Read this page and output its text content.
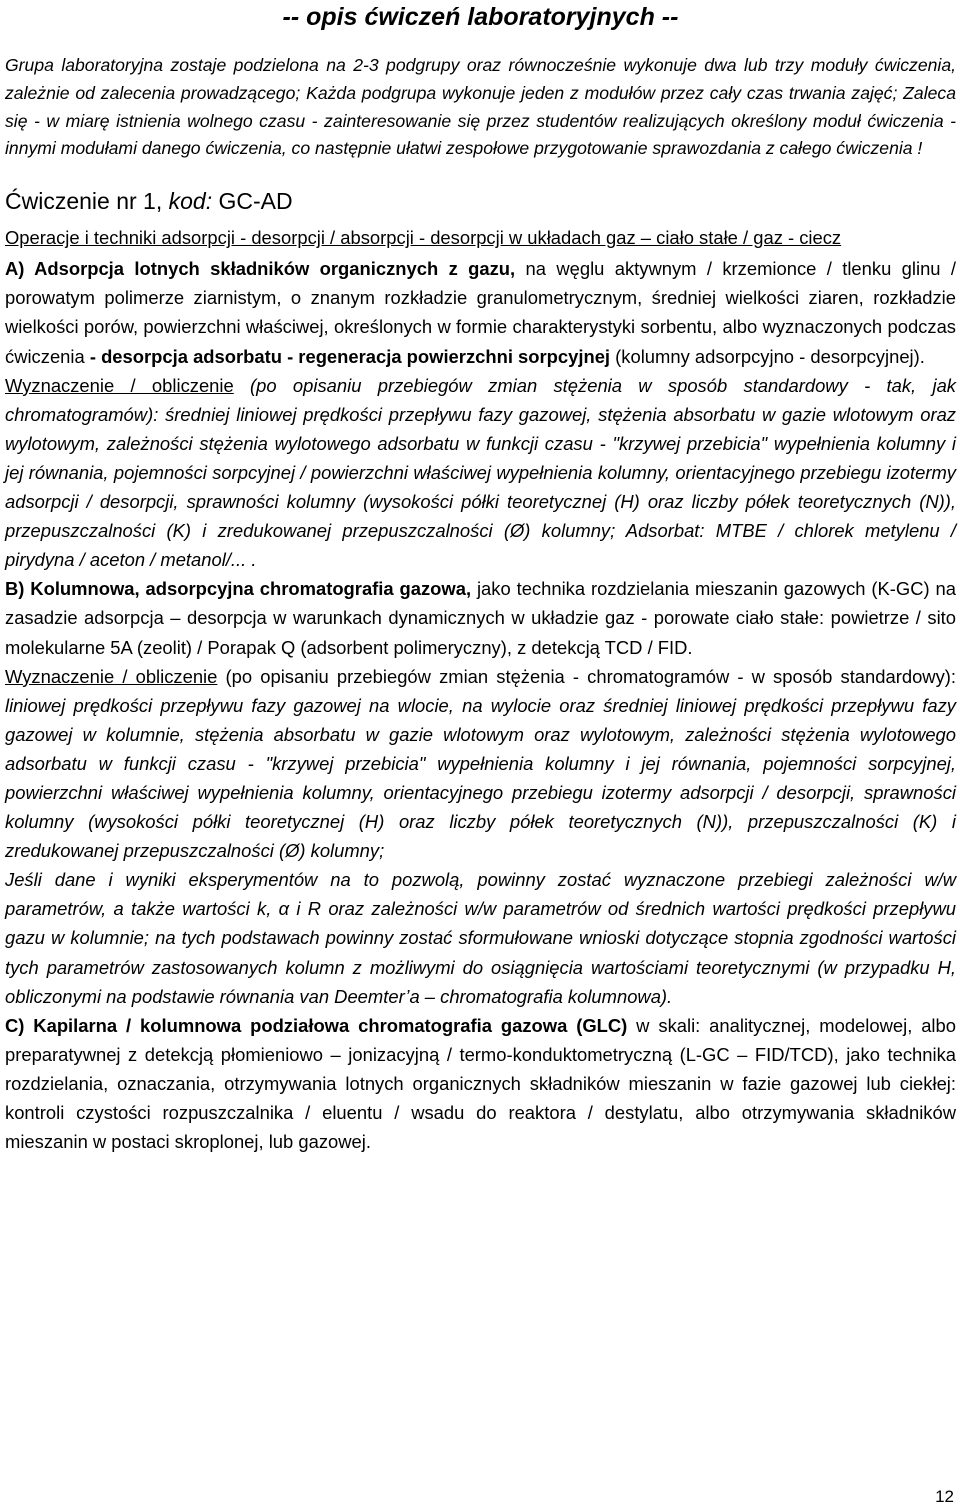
-- opis ćwiczeń laboratoryjnych --

Grupa laboratoryjna zostaje podzielona na 2-3 podgrupy oraz równocześnie wykonuje dwa lub trzy moduły ćwiczenia, zależnie od zalecenia prowadzącego; Każda podgrupa wykonuje jeden z modułów przez cały czas trwania zajęć; Zaleca się - w miarę istnienia wolnego czasu - zainteresowanie się przez studentów realizujących określony moduł ćwiczenia - innymi modułami danego ćwiczenia, co następnie ułatwi zespołowe przygotowanie sprawozdania z całego ćwiczenia !

Ćwiczenie nr 1, kod: GC-AD

Operacje i techniki adsorpcji - desorpcji / absorpcji - desorpcji w układach gaz – ciało stałe / gaz - ciecz

A) Adsorpcja lotnych składników organicznych z gazu, na węglu aktywnym / krzemionce / tlenku glinu / porowatym polimerze ziarnistym, o znanym rozkładzie granulometrycznym, średniej wielkości ziaren, rozkładzie wielkości porów, powierzchni właściwej, określonych w formie charakterystyki sorbentu, albo wyznaczonych podczas ćwiczenia - desorpcja adsorbatu - regeneracja powierzchni sorpcyjnej (kolumny adsorpcyjno - desorpcyjnej).

Wyznaczenie / obliczenie (po opisaniu przebiegów zmian stężenia w sposób standardowy - tak, jak chromatogramów): średniej liniowej prędkości przepływu fazy gazowej, stężenia absorbatu w gazie wlotowym oraz wylotowym, zależności stężenia wylotowego adsorbatu w funkcji czasu - "krzywej przebicia" wypełnienia kolumny i jej równania, pojemności sorpcyjnej / powierzchni właściwej wypełnienia kolumny, orientacyjnego przebiegu izotermy adsorpcji / desorpcji, sprawności kolumny (wysokości półki teoretycznej (H) oraz liczby półek teoretycznych (N)), przepuszczalności (K) i zredukowanej przepuszczalności (Ø) kolumny; Adsorbat: MTBE / chlorek metylenu / pirydyna / aceton / metanol/... .

B) Kolumnowa, adsorpcyjna chromatografia gazowa, jako technika rozdzielania mieszanin gazowych (K-GC) na zasadzie adsorpcja – desorpcja w warunkach dynamicznych w układzie gaz - porowate ciało stałe: powietrze / sito molekularne 5A (zeolit) / Porapak Q (adsorbent polimeryczny), z detekcją TCD / FID.

Wyznaczenie / obliczenie (po opisaniu przebiegów zmian stężenia - chromatogramów - w sposób standardowy): liniowej prędkości przepływu fazy gazowej na wlocie, na wylocie oraz średniej liniowej prędkości przepływu fazy gazowej w kolumnie, stężenia absorbatu w gazie wlotowym oraz wylotowym, zależności stężenia wylotowego adsorbatu w funkcji czasu - "krzywej przebicia" wypełnienia kolumny i jej równania, pojemności sorpcyjnej, powierzchni właściwej wypełnienia kolumny, orientacyjnego przebiegu izotermy adsorpcji / desorpcji, sprawności kolumny (wysokości półki teoretycznej (H) oraz liczby półek teoretycznych (N)), przepuszczalności (K) i zredukowanej przepuszczalności (Ø) kolumny;

Jeśli dane i wyniki eksperymentów na to pozwolą, powinny zostać wyznaczone przebiegi zależności w/w parametrów, a także wartości k, α i R oraz zależności w/w parametrów od średnich wartości prędkości przepływu gazu w kolumnie; na tych podstawach powinny zostać sformułowane wnioski dotyczące stopnia zgodności wartości tych parametrów zastosowanych kolumn z możliwymi do osiągnięcia wartościami teoretycznymi (w przypadku H, obliczonymi na podstawie równania van Deemter’a – chromatografia kolumnowa).

C) Kapilarna / kolumnowa podziałowa chromatografia gazowa (GLC) w skali: analitycznej, modelowej, albo preparatywnej z detekcją płomieniowo – jonizacyjną / termo-konduktometryczną (L-GC – FID/TCD), jako technika rozdzielania, oznaczania, otrzymywania lotnych organicznych składników mieszanin w fazie gazowej lub ciekłej: kontroli czystości rozpuszczalnika / eluentu / wsadu do reaktora / destylatu, albo otrzymywania składników mieszanin w postaci skroplonej, lub gazowej.

12
